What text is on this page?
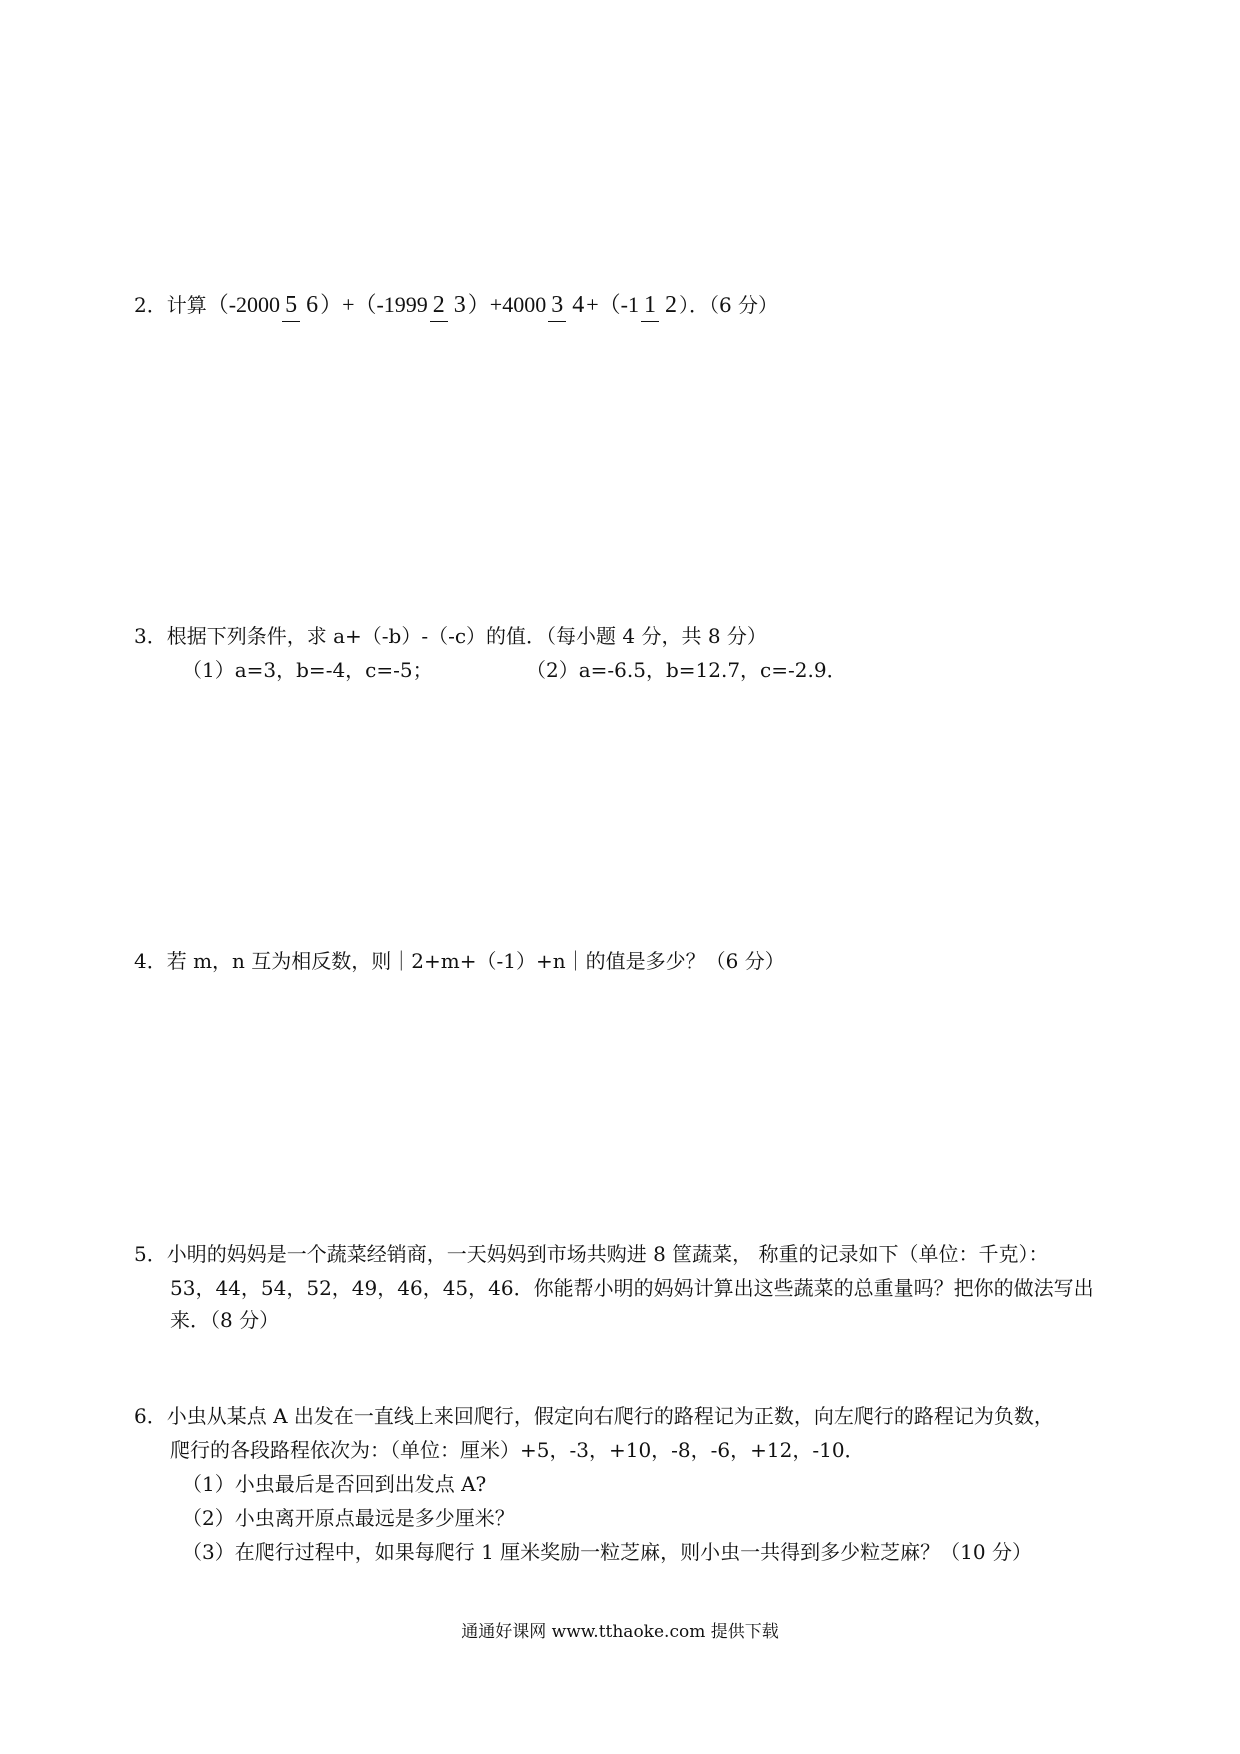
2． 计算 （-2000 5 6 ）+（-1999 2 3 ）+4000 3 4 +（-1 1 2 ）．（6 分）
3．根据下列条件，求 a+（-b）-（-c）的值．（每小题 4 分，共 8 分）
（1）a=3，b=-4，c=-5；	（2）a=-6.5，b=12.7，c=-2.9．
4．若 m，n 互为相反数，则｜2+m+（-1）+n｜的值是多少？（6 分）
5．小明的妈妈是一个蔬菜经销商，一天妈妈到市场共购进 8 筐蔬菜， 称重的记录如下（单位：千克）：
53，44，54，52，49，46，45，46．你能帮小明的妈妈计算出这些蔬菜的总重量吗？把你的做法写出
来．（8 分）
6．小虫从某点 A 出发在一直线上来回爬行，假定向右爬行的路程记为正数，向左爬行的路程记为负数，
爬行的各段路程依次为：（单位：厘米）+5，-3，+10，-8，-6，+12，-10．
（1）小虫最后是否回到出发点 A?
（2）小虫离开原点最远是多少厘米？
（3）在爬行过程中，如果每爬行 1 厘米奖励一粒芝麻，则小虫一共得到多少粒芝麻？（10 分）
通通好课网 www.tthaoke.com 提供下载
